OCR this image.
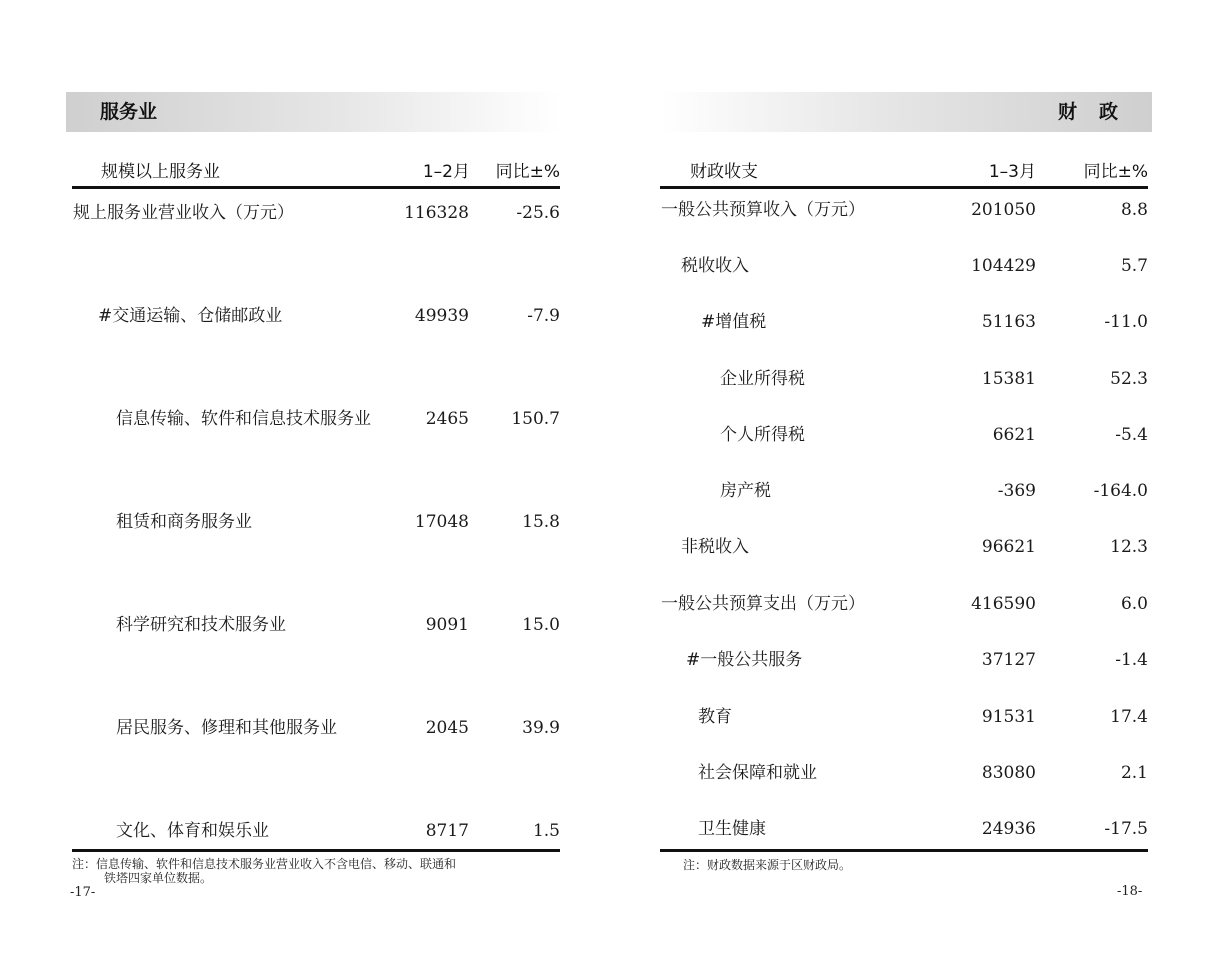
服务业
规模以上服务业	1–2月	同比±%
规上服务业营业收入（万元）	116328	-25.6
#交通运输、仓储邮政业	49939	-7.9
信息传输、软件和信息技术服务业	2465 150.7
租赁和商务服务业	17048	15.8
科学研究和技术服务业	9091	15.0
居民服务、修理和其他服务业	2045	39.9
文化、体育和娱乐业	8717	1.5
注：信息传输、软件和信息技术服务业营业收入不含电信、移动、联通和
铁塔四家单位数据。
-17-
财政
财政收支	1–3月	同比±%
一般公共预算收入（万元）	201050	8.8
税收收入	104429	5.7
#增值税	51163	-11.0
企业所得税	15381	52.3
个人所得税	6621	-5.4
房产税	-369	-164.0
非税收入	96621	12.3
一般公共预算支出（万元）	416590	6.0
#一般公共服务	37127	-1.4
教育	91531	17.4
社会保障和就业	83080	2.1
卫生健康	24936	-17.5
注：财政数据来源于区财政局。
-18-
